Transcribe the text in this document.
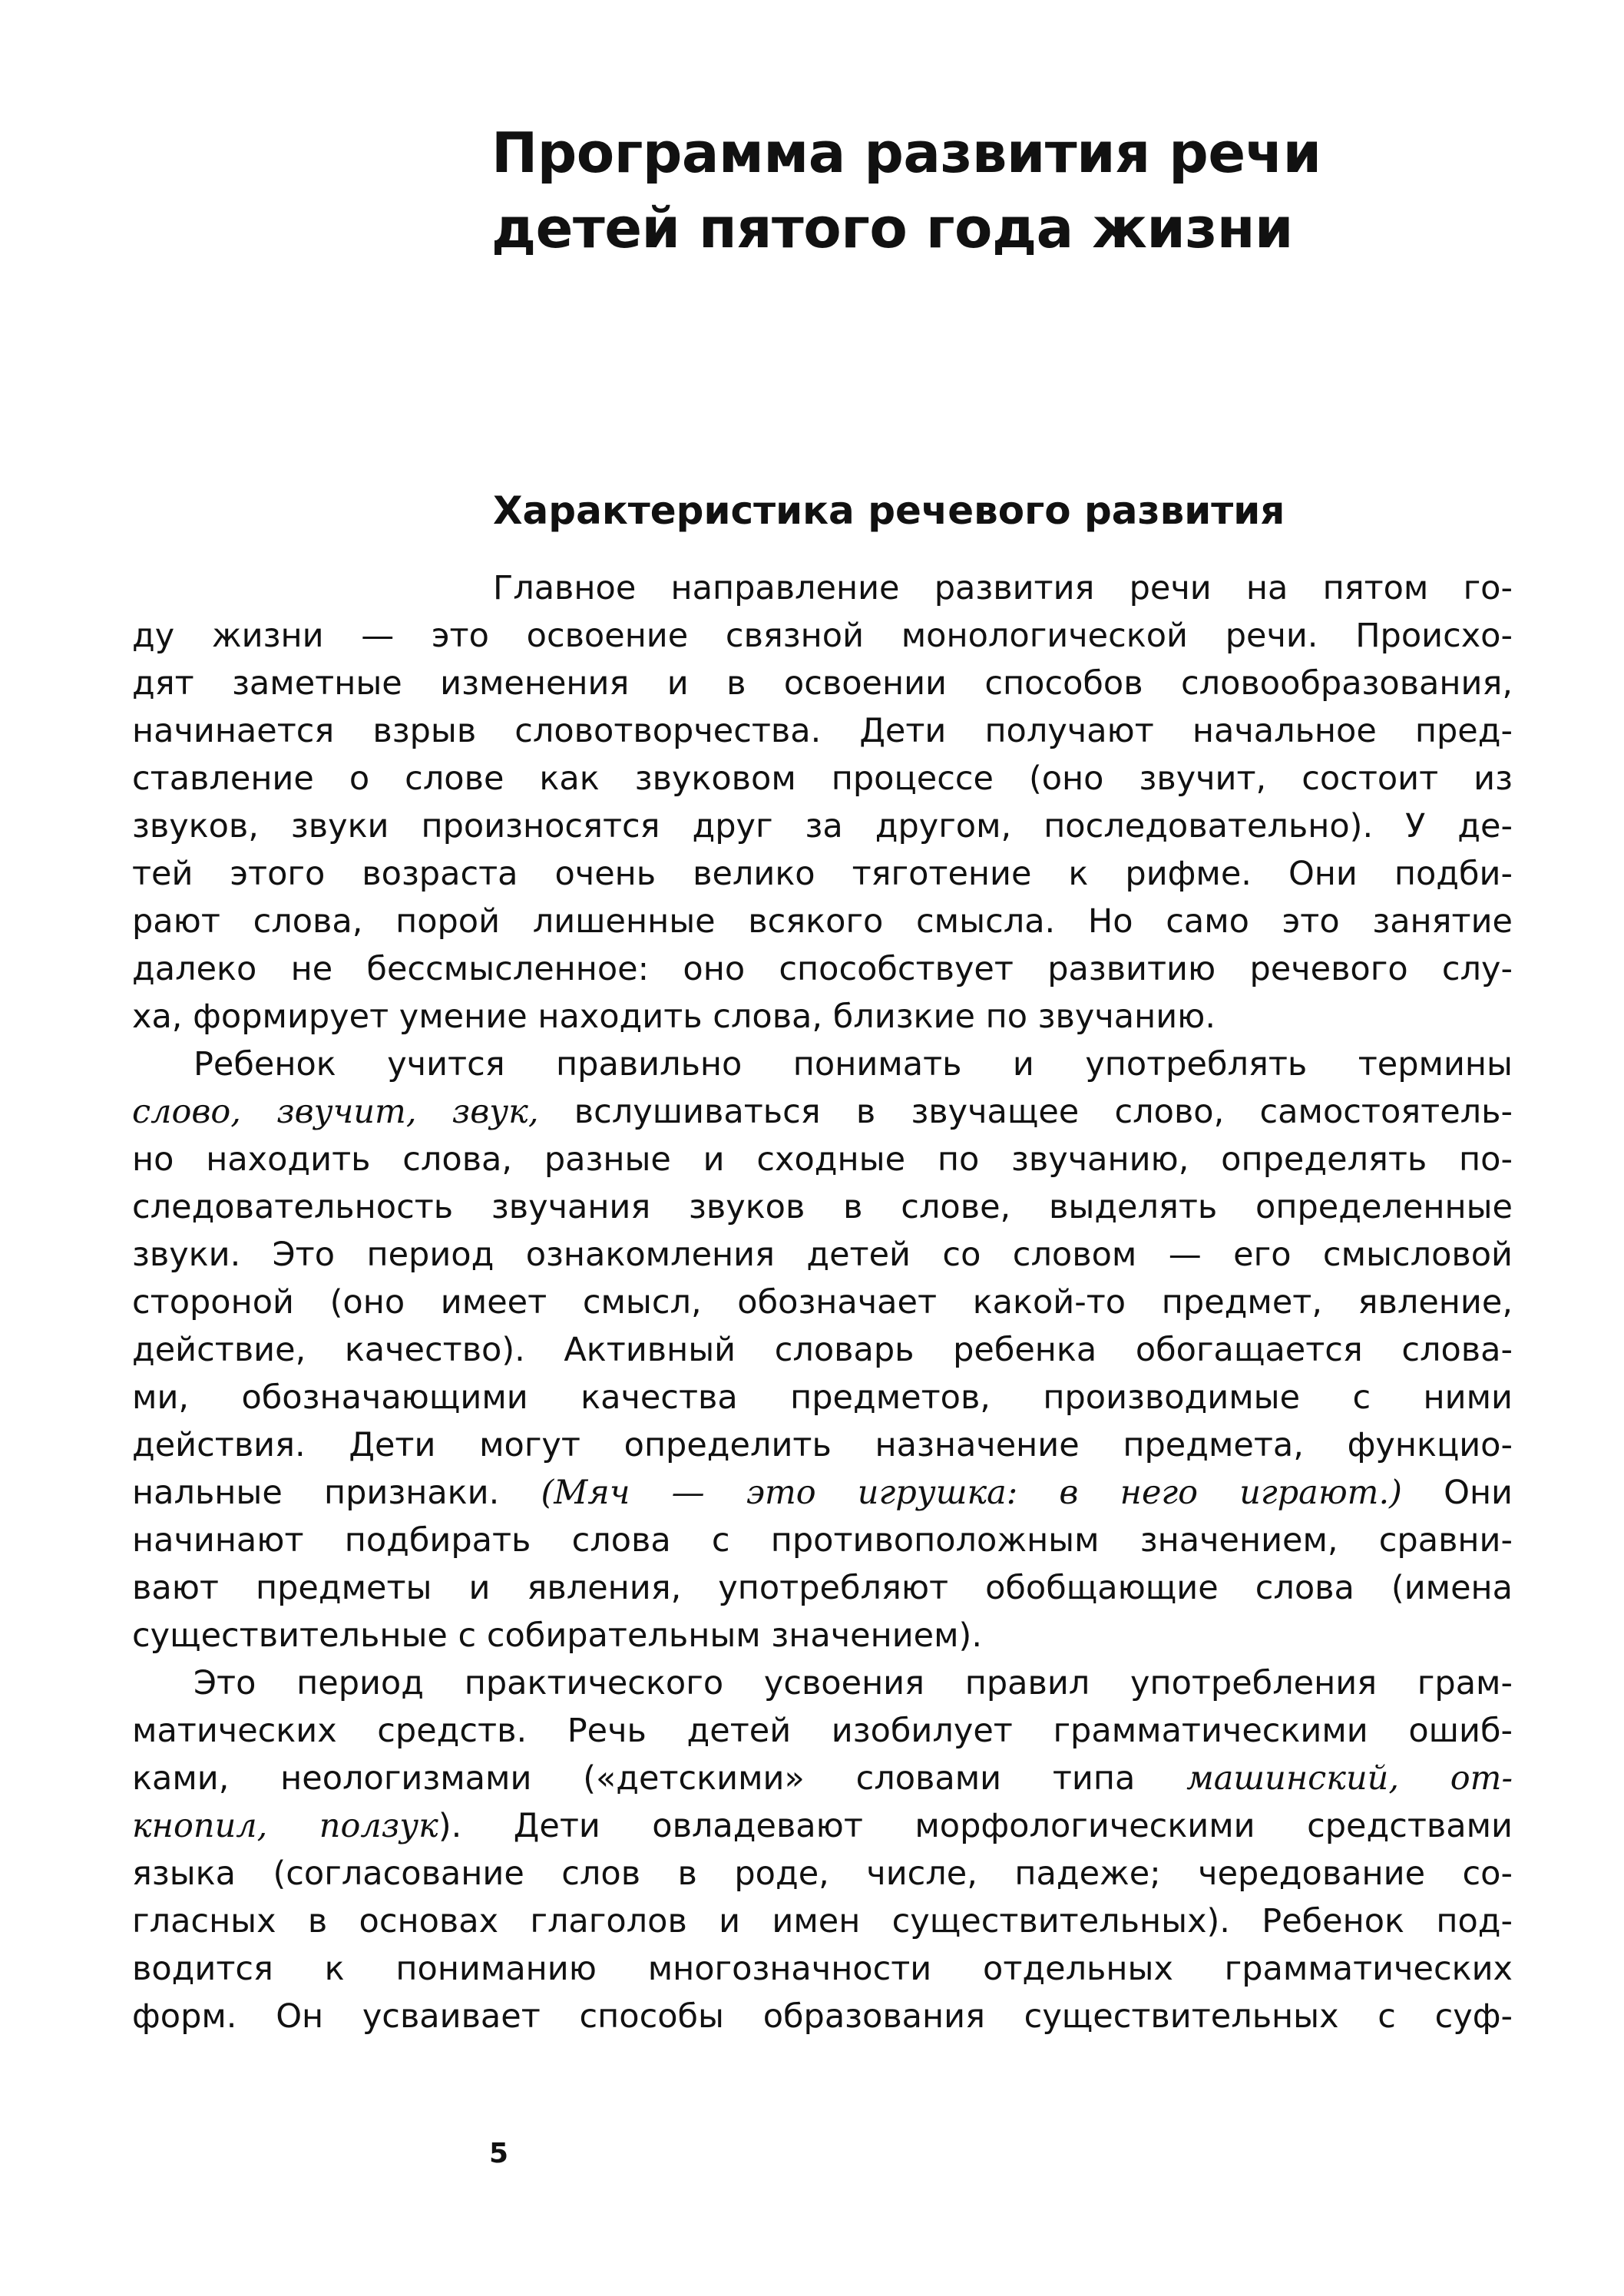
Программа развития речи
детей пятого года жизни
Характеристика речевого развития
Главное направление развития речи на пятом го-
ду жизни — это освоение связной монологической речи. Происхо-
дят заметные изменения и в освоении способов словообразования,
начинается взрыв словотворчества. Дети получают начальное пред-
ставление о слове как звуковом процессе (оно звучит, состоит из
звуков, звуки произносятся друг за другом, последовательно). У де-
тей этого возраста очень велико тяготение к рифме. Они подби-
рают слова, порой лишенные всякого смысла. Но само это занятие
далеко не бессмысленное: оно способствует развитию речевого слу-
ха, формирует умение находить слова, близкие по звучанию.
Ребенок учится правильно понимать и употреблять термины
слово, звучит, звук, вслушиваться в звучащее слово, самостоятель-
но находить слова, разные и сходные по звучанию, определять по-
следовательность звучания звуков в слове, выделять определенные
звуки. Это период ознакомления детей со словом — его смысловой
стороной (оно имеет смысл, обозначает какой-то предмет, явление,
действие, качество). Активный словарь ребенка обогащается слова-
ми, обозначающими качества предметов, производимые с ними
действия. Дети могут определить назначение предмета, функцио-
нальные признаки. (Мяч — это игрушка: в него играют.) Они
начинают подбирать слова с противоположным значением, сравни-
вают предметы и явления, употребляют обобщающие слова (имена
существительные с собирательным значением).
Это период практического усвоения правил употребления грам-
матических средств. Речь детей изобилует грамматическими ошиб-
ками, неологизмами («детскими» словами типа машинский, от-
кнопил, ползук). Дети овладевают морфологическими средствами
языка (согласование слов в роде, числе, падеже; чередование со-
гласных в основах глаголов и имен существительных). Ребенок под-
водится к пониманию многозначности отдельных грамматических
форм. Он усваивает способы образования существительных с суф-
5
